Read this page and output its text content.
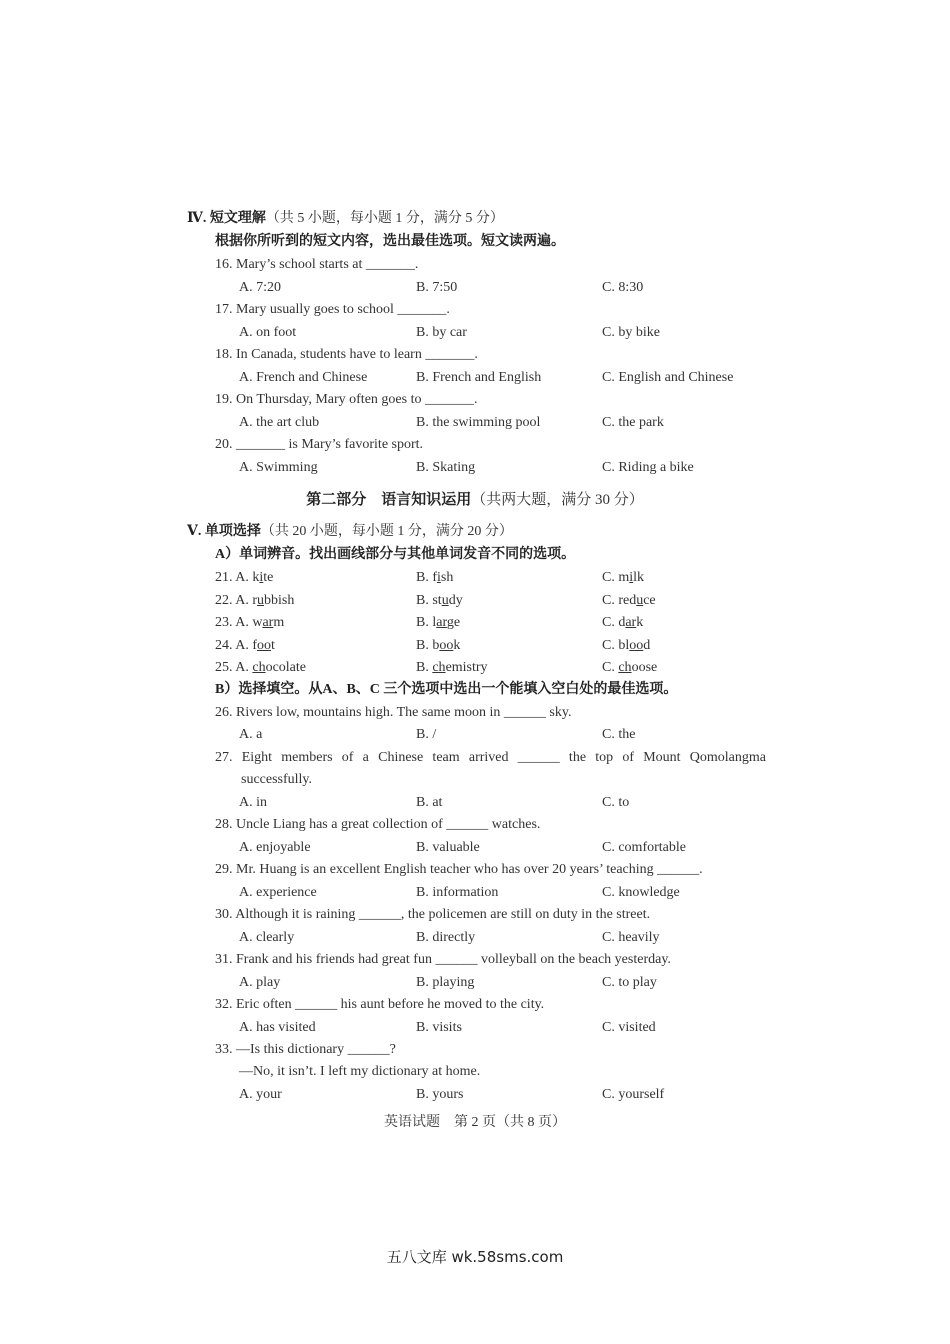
Ⅳ. 短文理解（共 5 小题，每小题 1 分，满分 5 分）
根据你所听到的短文内容，选出最佳选项。短文读两遍。
16. Mary’s school starts at _______.
A. 7:20	B. 7:50	C. 8:30
17. Mary usually goes to school _______.
A. on foot	B. by car	C. by bike
18. In Canada, students have to learn _______.
A. French and Chinese	B. French and English	C. English and Chinese
19. On Thursday, Mary often goes to _______.
A. the art club	B. the swimming pool	C. the park
20. _______ is Mary’s favorite sport.
A. Swimming	B. Skating	C. Riding a bike
第二部分　语言知识运用（共两大题，满分 30 分）
Ⅴ. 单项选择（共 20 小题，每小题 1 分，满分 20 分）
A）单词辨音。找出画线部分与其他单词发音不同的选项。
21. A. kite	B. fish	C. milk
22. A. rubbish	B. study	C. reduce
23. A. warm	B. large	C. dark
24. A. foot	B. book	C. blood
25. A. chocolate	B. chemistry	C. choose
B）选择填空。从A、B、C 三个选项中选出一个能填入空白处的最佳选项。
26. Rivers low, mountains high. The same moon in ______ sky.
A. a	B. /	C. the
27. Eight members of a Chinese team arrived ______ the top of Mount Qomolangma
successfully.
A. in	B. at	C. to
28. Uncle Liang has a great collection of ______ watches.
A. enjoyable	B. valuable	C. comfortable
29. Mr. Huang is an excellent English teacher who has over 20 years’ teaching ______.
A. experience	B. information	C. knowledge
30. Although it is raining ______, the policemen are still on duty in the street.
A. clearly	B. directly	C. heavily
31. Frank and his friends had great fun ______ volleyball on the beach yesterday.
A. play	B. playing	C. to play
32. Eric often ______ his aunt before he moved to the city.
A. has visited	B. visits	C. visited
33. —Is this dictionary ______?
—No, it isn’t. I left my dictionary at home.
A. your	B. yours	C. yourself
英语试题　第 2 页（共 8 页）
五八文库 wk.58sms.com
